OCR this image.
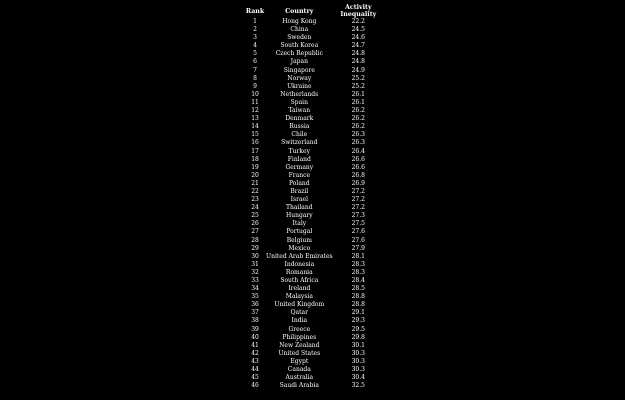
Rank	Country	Activity Inequality
1	Hong Kong	22.2
2	China	24.5
3	Sweden	24.6
4	South Korea	24.7
5	Czech Republic	24.8
6	Japan	24.8
7	Singapore	24.9
8	Norway	25.2
9	Ukraine	25.2
10	Netherlands	26.1
11	Spain	26.1
12	Taiwan	26.2
13	Denmark	26.2
14	Russia	26.2
15	Chile	26.3
16	Switzerland	26.3
17	Turkey	26.4
18	Finland	26.6
19	Germany	26.6
20	France	26.8
21	Poland	26.9
22	Brazil	27.2
23	Israel	27.2
24	Thailand	27.2
25	Hungary	27.3
26	Italy	27.5
27	Portugal	27.6
28	Belgium	27.6
29	Mexico	27.9
30	United Arab Emirates	28.1
31	Indonesia	28.3
32	Romania	28.3
33	South Africa	28.4
34	Ireland	28.5
35	Malaysia	28.8
36	United Kingdom	28.8
37	Qatar	29.1
38	India	29.3
39	Greece	29.5
40	Philippines	29.8
41	New Zealand	30.1
42	United States	30.3
43	Egypt	30.3
44	Canada	30.3
45	Australia	30.4
46	Saudi Arabia	32.5
